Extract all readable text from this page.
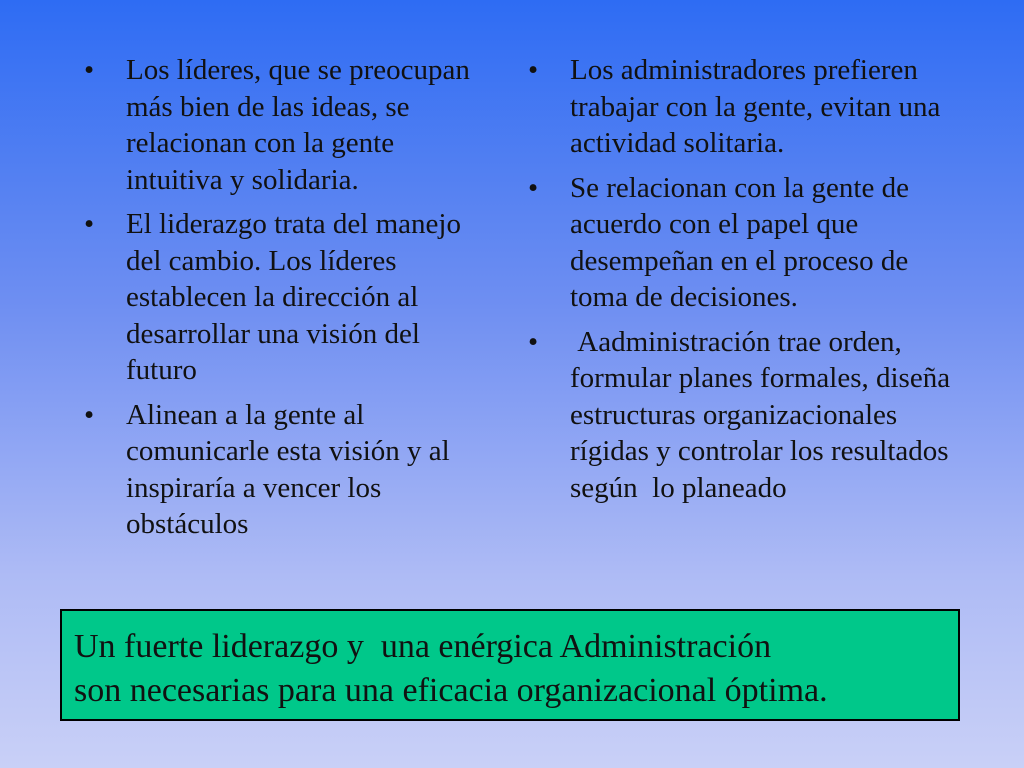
• Los líderes, que se preocupan más bien de las ideas, se relacionan con la gente  intuitiva y solidaria.
• El liderazgo trata del manejo del cambio. Los líderes establecen la dirección al desarrollar una visión del futuro
• Alinean a la gente al comunicarle esta visión y al inspiraría a vencer los obstáculos
• Los administradores prefieren trabajar con la gente, evitan una actividad solitaria.
• Se relacionan con la gente de acuerdo con el papel que desempeñan en el proceso de toma de decisiones.
• Aadministración trae orden, formular planes formales, diseña estructuras organizacionales rígidas y controlar los resultados según  lo planeado
Un fuerte liderazgo y  una enérgica Administración
son necesarias para una eficacia organizacional óptima.
